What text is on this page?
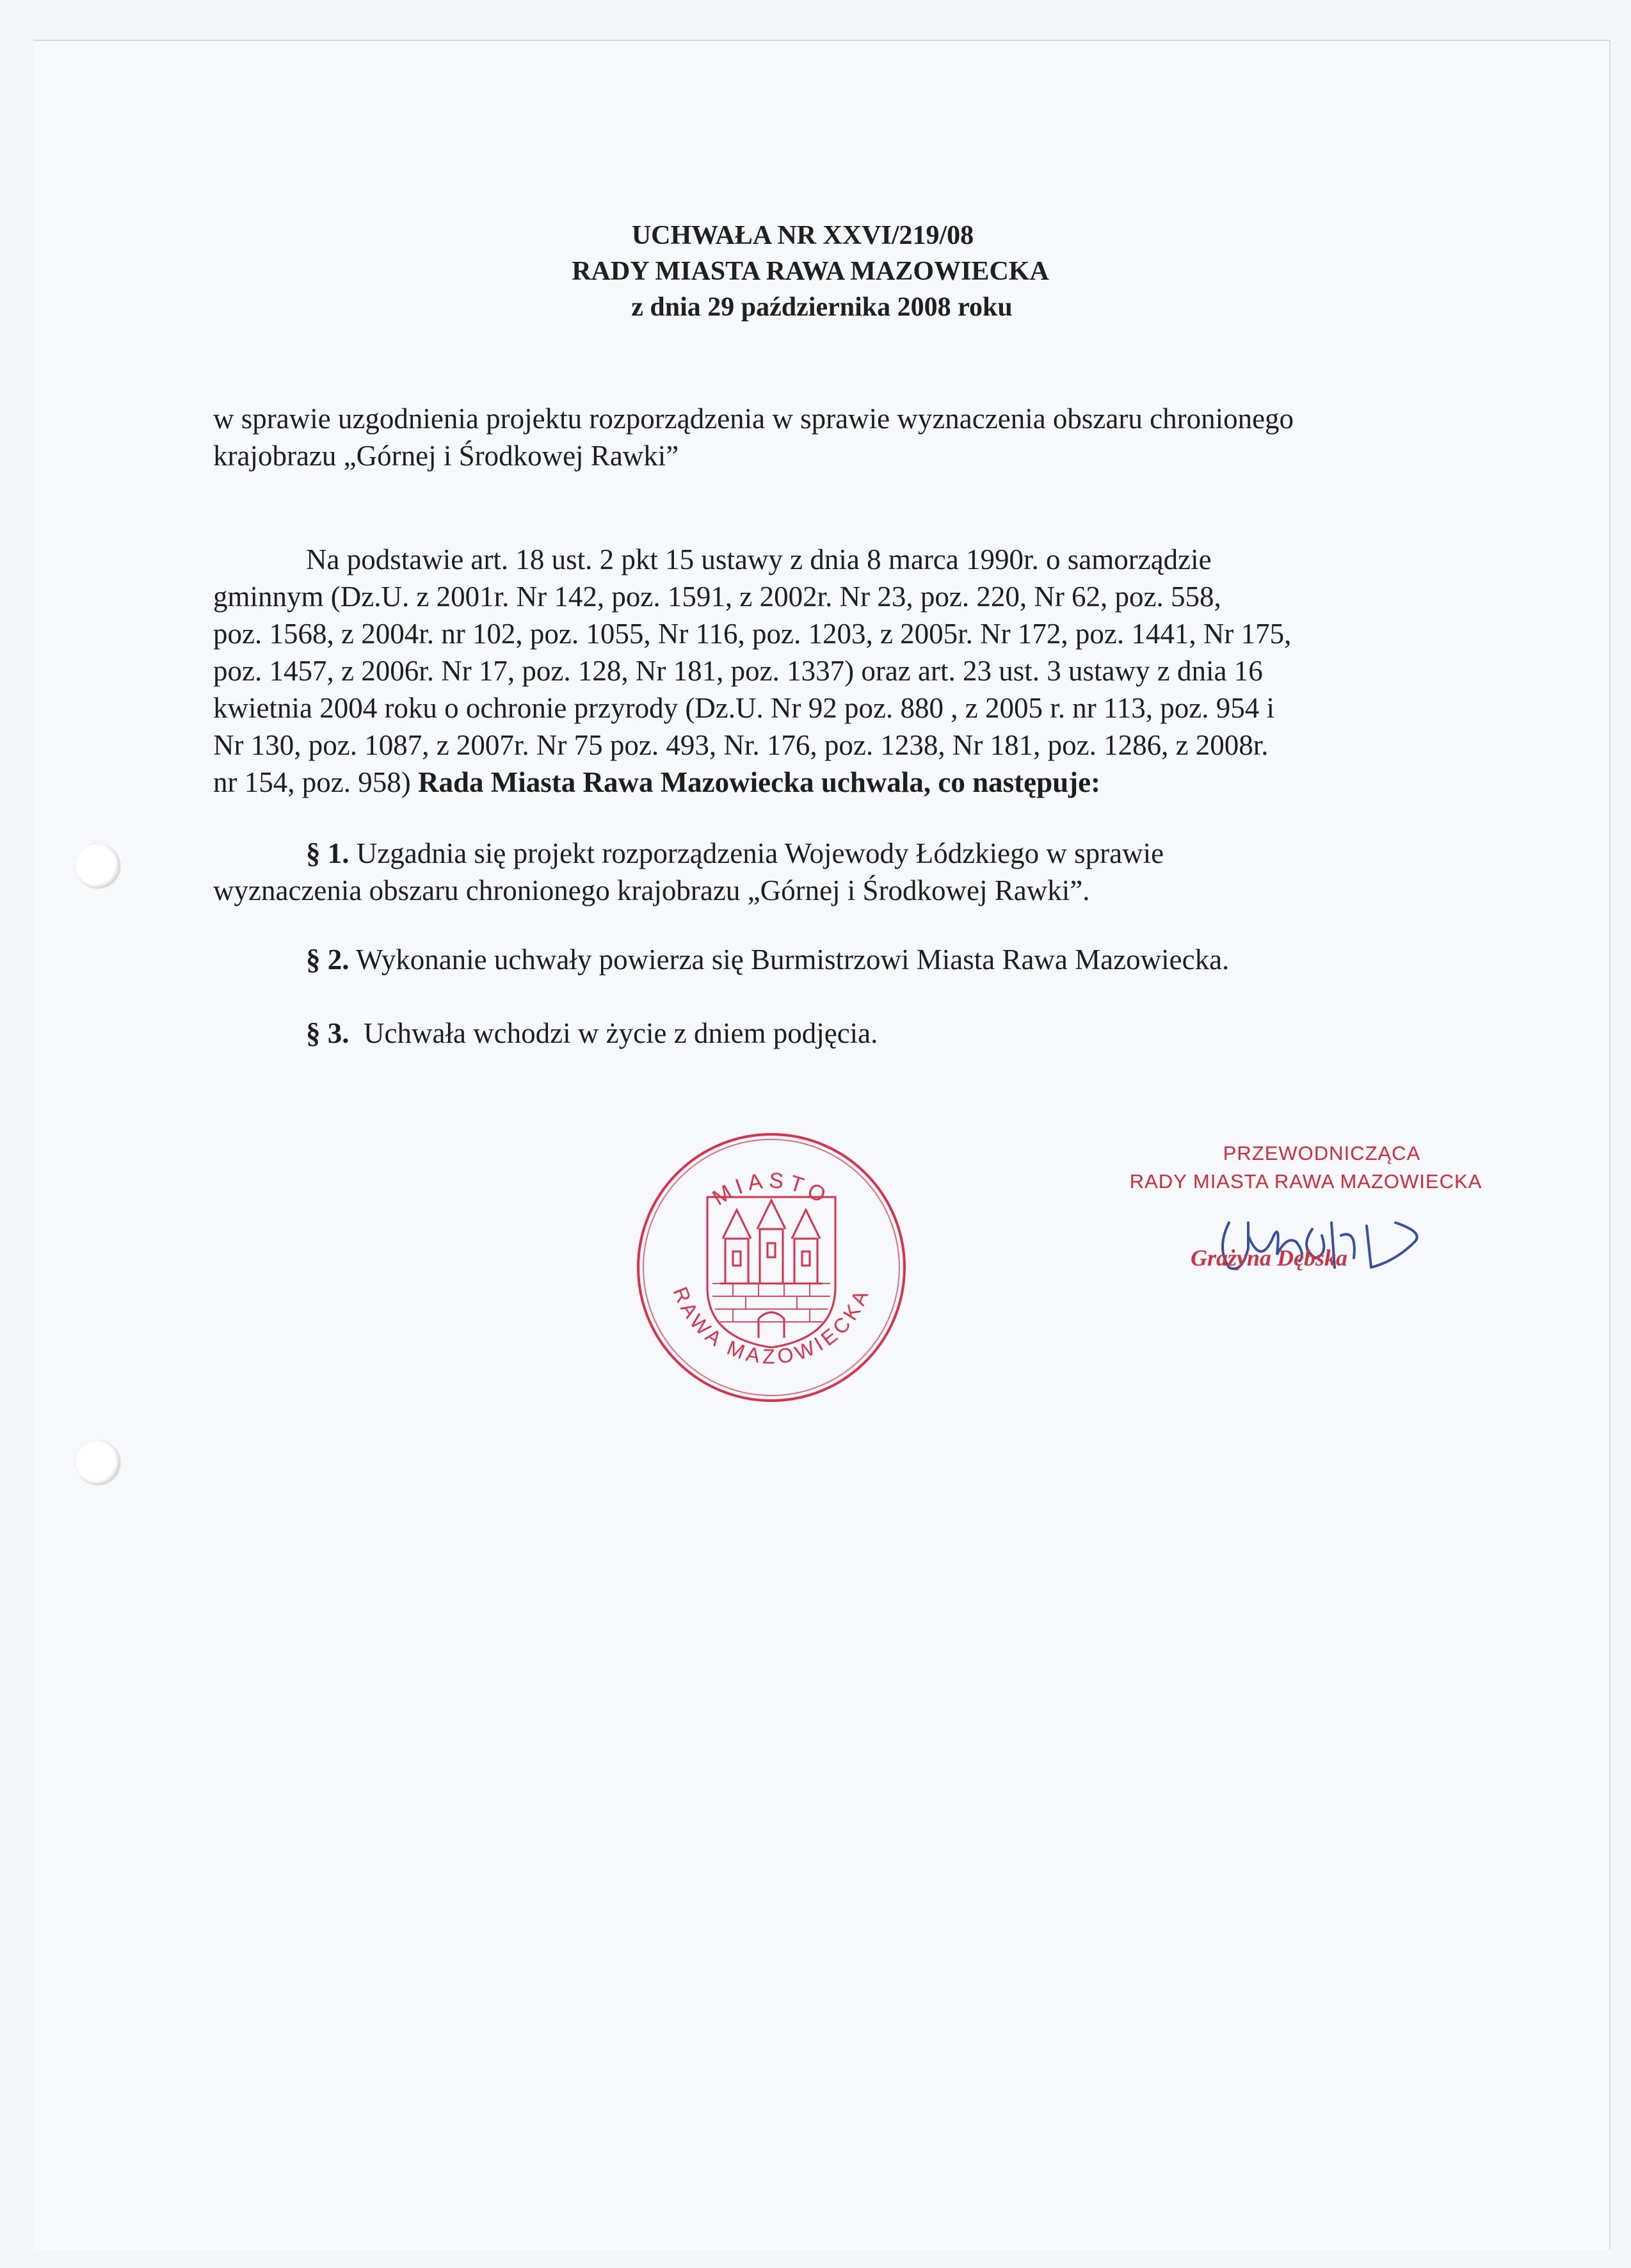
UCHWAŁA NR XXVI/219/08
RADY MIASTA RAWA MAZOWIECKA
z dnia 29 października 2008 roku
w sprawie uzgodnienia projektu rozporządzenia w sprawie wyznaczenia obszaru chronionego
krajobrazu „Górnej i Środkowej Rawki”
Na podstawie art. 18 ust. 2 pkt 15 ustawy z dnia 8 marca 1990r. o samorządzie
gminnym (Dz.U. z 2001r. Nr 142, poz. 1591, z 2002r. Nr 23, poz. 220, Nr 62, poz. 558,
poz. 1568, z 2004r. nr 102, poz. 1055, Nr 116, poz. 1203, z 2005r. Nr 172, poz. 1441, Nr 175,
poz. 1457, z 2006r. Nr 17, poz. 128, Nr 181, poz. 1337) oraz art. 23 ust. 3 ustawy z dnia 16
kwietnia 2004 roku o ochronie przyrody (Dz.U. Nr 92 poz. 880 , z 2005 r. nr 113, poz. 954 i
Nr 130, poz. 1087, z 2007r. Nr 75 poz. 493, Nr. 176, poz. 1238, Nr 181, poz. 1286, z 2008r.
nr 154, poz. 958) Rada Miasta Rawa Mazowiecka uchwala, co następuje:
§ 1. Uzgadnia się projekt rozporządzenia Wojewody Łódzkiego w sprawie
wyznaczenia obszaru chronionego krajobrazu „Górnej i Środkowej Rawki”.
§ 2. Wykonanie uchwały powierza się Burmistrzowi Miasta Rawa Mazowiecka.
§ 3. Uchwała wchodzi w życie z dniem podjęcia.
MIASTO
RAWA MAZOWIECKA
PRZEWODNICZĄCA
RADY MIASTA RAWA MAZOWIECKA
Grażyna Dębska
